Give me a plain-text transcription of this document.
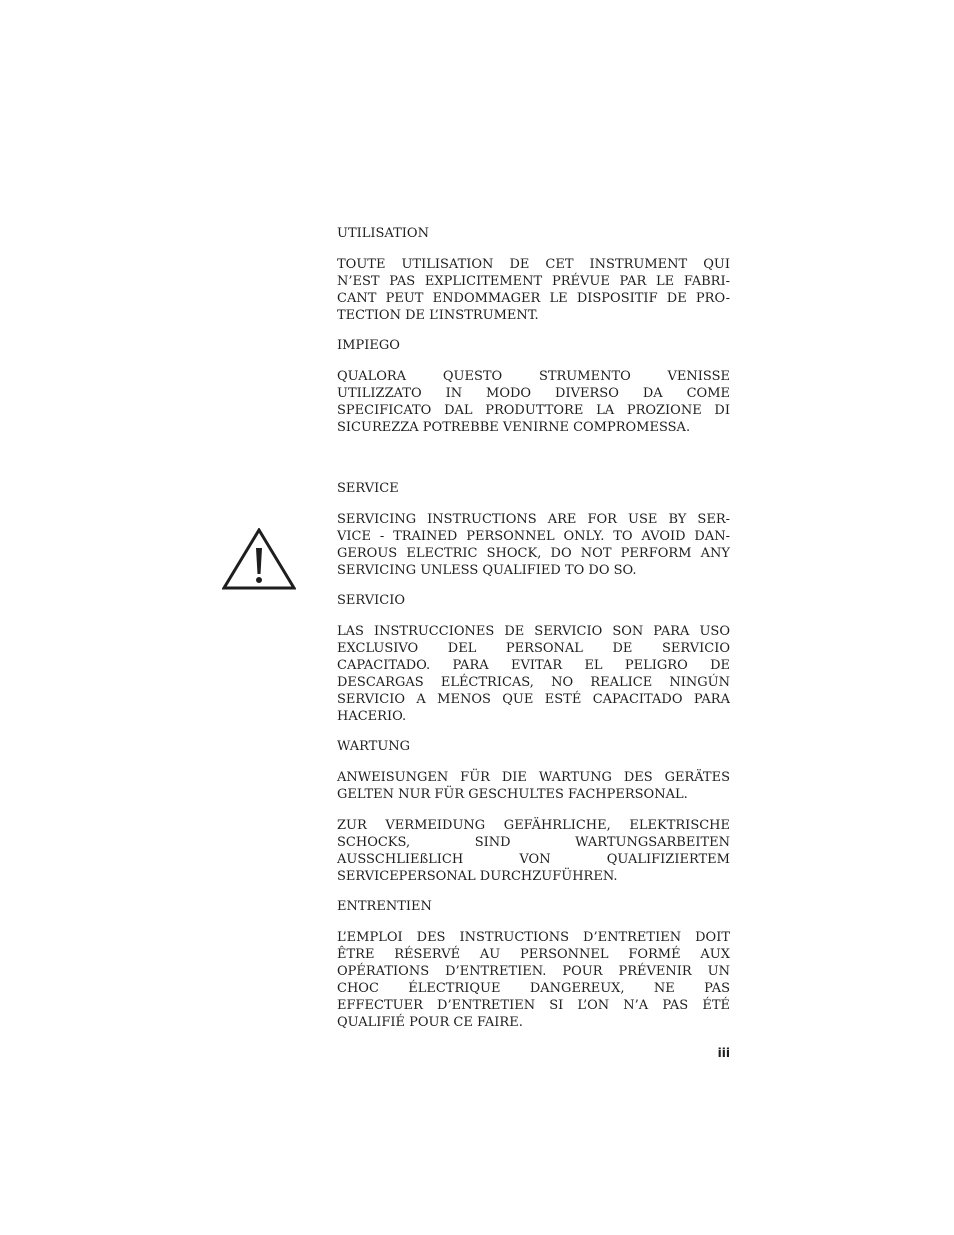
UTILISATION

TOUTE UTILISATION DE CET INSTRUMENT QUI
N’EST PAS EXPLICITEMENT PRÉVUE PAR LE FABRI-
CANT PEUT ENDOMMAGER LE DISPOSITIF DE PRO-
TECTION DE L’INSTRUMENT.

IMPIEGO

QUALORA QUESTO STRUMENTO VENISSE
UTILIZZATO IN MODO DIVERSO DA COME
SPECIFICATO DAL PRODUTTORE LA PROZIONE DI
SICUREZZA POTREBBE VENIRNE COMPROMESSA.

SERVICE

SERVICING INSTRUCTIONS ARE FOR USE BY SER-
VICE - TRAINED PERSONNEL ONLY. TO AVOID DAN-
GEROUS ELECTRIC SHOCK, DO NOT PERFORM ANY
SERVICING UNLESS QUALIFIED TO DO SO.

SERVICIO

LAS INSTRUCCIONES DE SERVICIO SON PARA USO
EXCLUSIVO DEL PERSONAL DE SERVICIO
CAPACITADO. PARA EVITAR EL PELIGRO DE
DESCARGAS ELÉCTRICAS, NO REALICE NINGÚN
SERVICIO A MENOS QUE ESTÉ CAPACITADO PARA
HACERIO.

WARTUNG

ANWEISUNGEN FÜR DIE WARTUNG DES GERÄTES
GELTEN NUR FÜR GESCHULTES FACHPERSONAL.
ZUR VERMEIDUNG GEFÄHRLICHE, ELEKTRISCHE
SCHOCKS, SIND WARTUNGSARBEITEN
AUSSCHLIEßLICH VON QUALIFIZIERTEM
SERVICEPERSONAL DURCHZUFÜHREN.

ENTRENTIEN

L’EMPLOI DES INSTRUCTIONS D’ENTRETIEN DOIT
ÊTRE RÉSERVÉ AU PERSONNEL FORMÉ AUX
OPÉRATIONS D’ENTRETIEN. POUR PRÉVENIR UN
CHOC ÉLECTRIQUE DANGEREUX, NE PAS
EFFECTUER D’ENTRETIEN SI L’ON N’A PAS ÉTÉ
QUALIFIÉ POUR CE FAIRE.
iii
